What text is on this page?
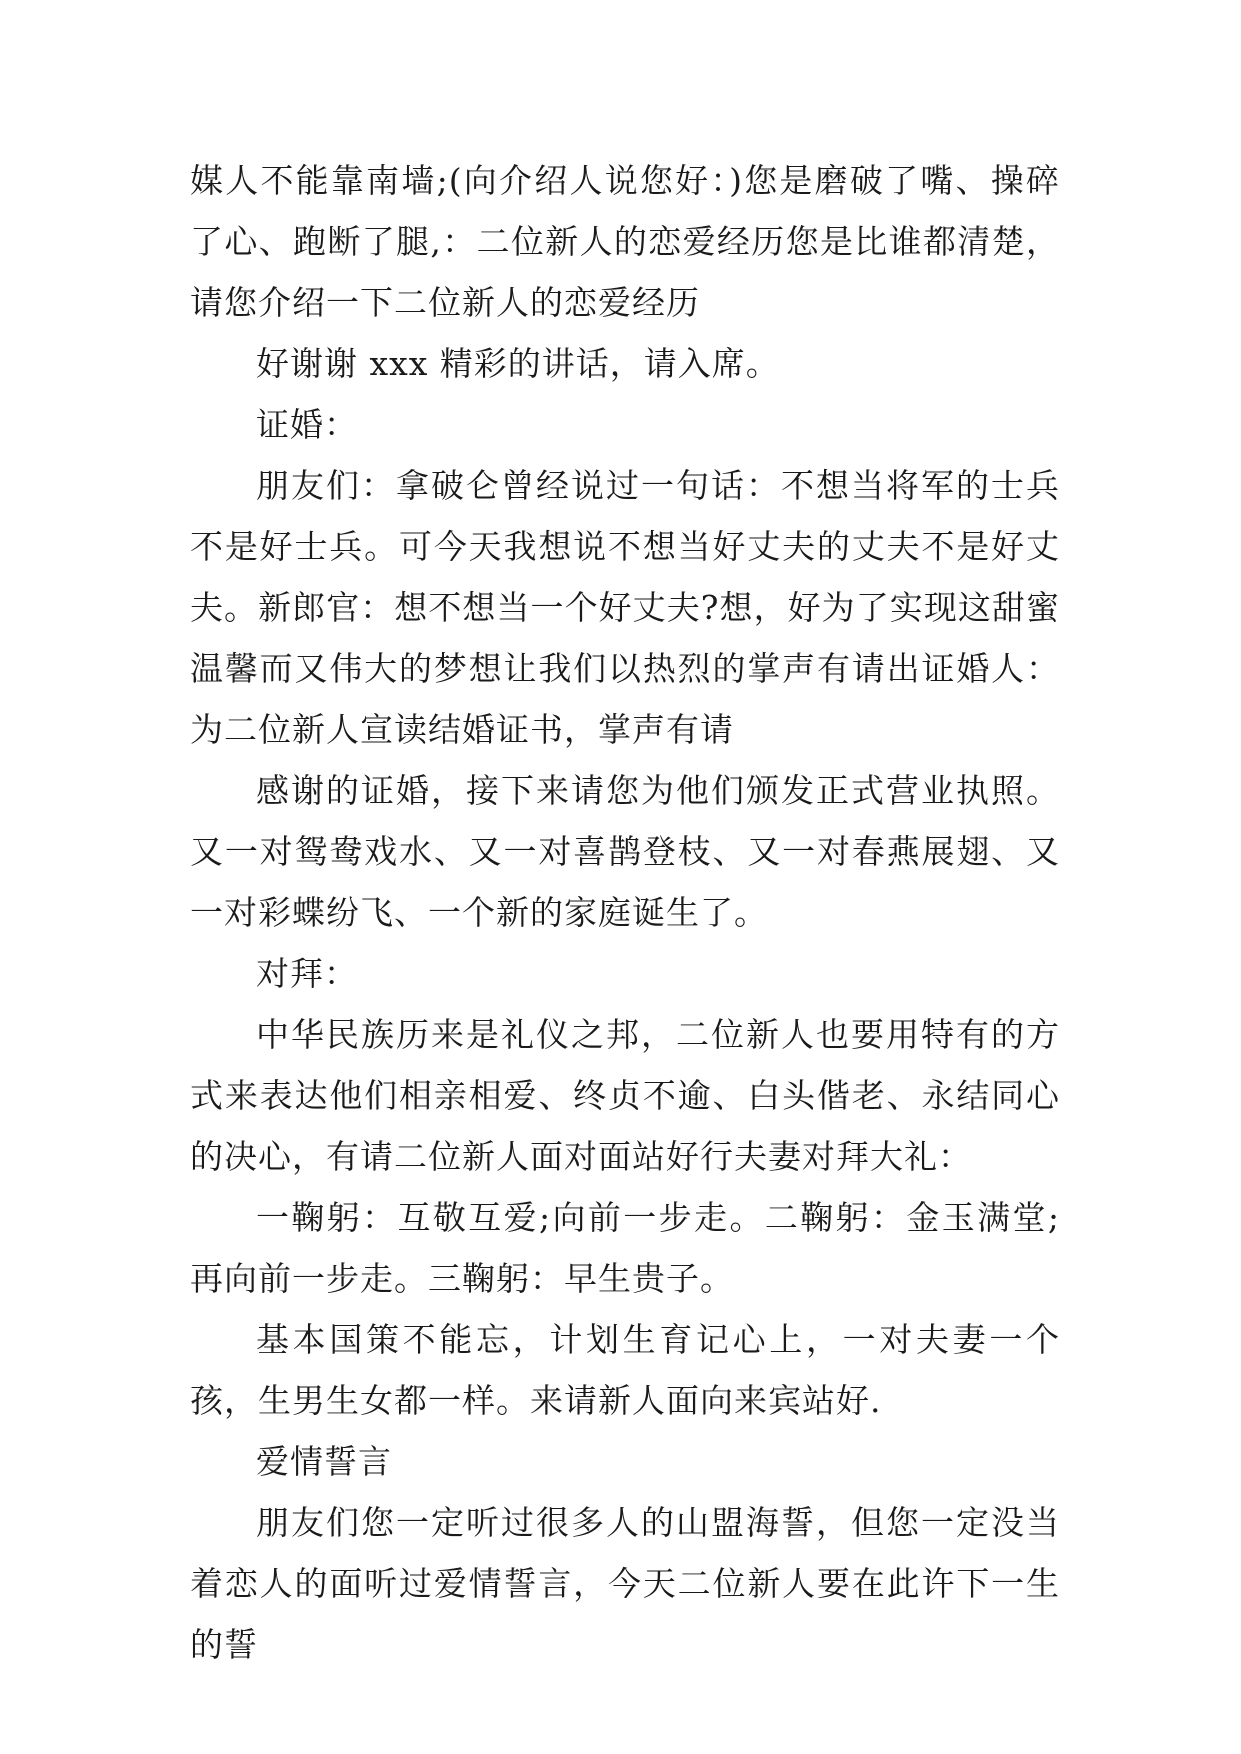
媒人不能靠南墙;(向介绍人说您好：)您是磨破了嘴、操碎了心、跑断了腿,：二位新人的恋爱经历您是比谁都清楚，请您介绍一下二位新人的恋爱经历

好谢谢 xxx 精彩的讲话，请入席。

证婚：

朋友们：拿破仑曾经说过一句话：不想当将军的士兵不是好士兵。可今天我想说不想当好丈夫的丈夫不是好丈夫。新郎官：想不想当一个好丈夫?想，好为了实现这甜蜜温馨而又伟大的梦想让我们以热烈的掌声有请出证婚人：为二位新人宣读结婚证书，掌声有请

感谢的证婚，接下来请您为他们颁发正式营业执照。又一对鸳鸯戏水、又一对喜鹊登枝、又一对春燕展翅、又一对彩蝶纷飞、一个新的家庭诞生了。

对拜：

中华民族历来是礼仪之邦，二位新人也要用特有的方式来表达他们相亲相爱、终贞不逾、白头偕老、永结同心的决心，有请二位新人面对面站好行夫妻对拜大礼：

一鞠躬：互敬互爱;向前一步走。二鞠躬：金玉满堂;再向前一步走。三鞠躬：早生贵子。

基本国策不能忘，计划生育记心上，一对夫妻一个孩，生男生女都一样。来请新人面向来宾站好.

爱情誓言

朋友们您一定听过很多人的山盟海誓，但您一定没当着恋人的面听过爱情誓言，今天二位新人要在此许下一生的誓
